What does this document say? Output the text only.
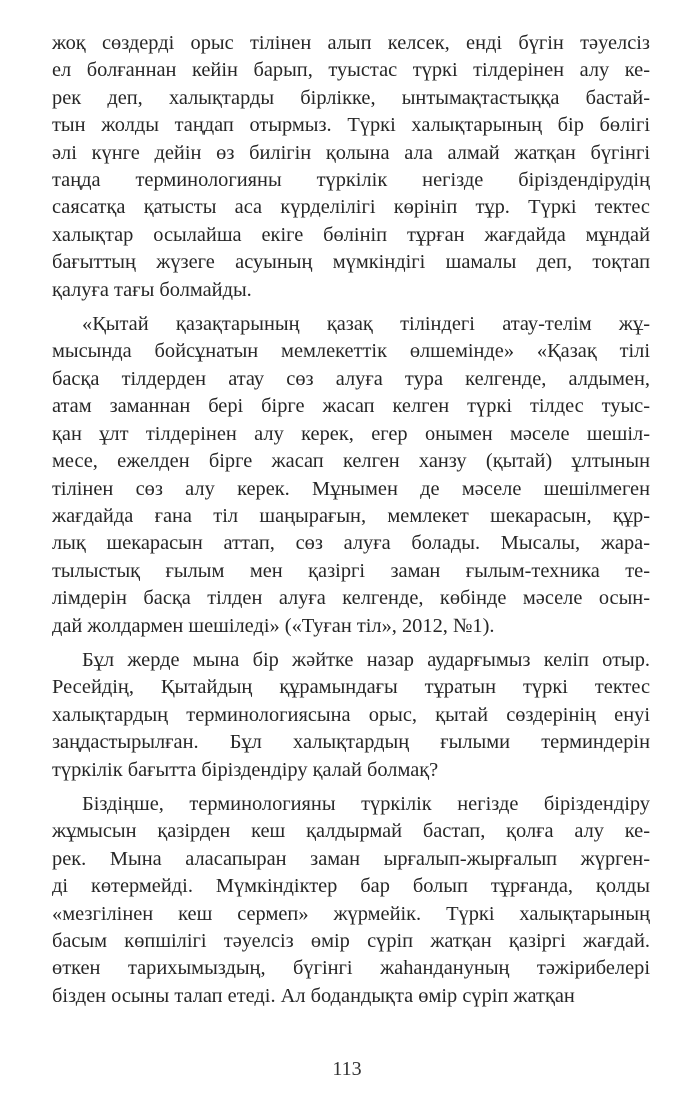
жоқ сөздерді орыс тілінен алып келсек, енді бүгін тәуелсіз
ел болғаннан кейін барып, туыстас түркі тілдерінен алу ке-
рек деп, халықтарды бірлікке, ынтымақтастыққа бастай-
тын жолды таңдап отырмыз. Түркі халықтарының бір бөлігі
әлі күнге дейін өз билігін қолына ала алмай жатқан бүгінгі
таңда терминологияны түркілік негізде біріздендірудің
саясатқа қатысты аса күрделілігі көрініп тұр. Түркі тектес
халықтар осылайша екіге бөлініп тұрған жағдайда мұндай
бағыттың жүзеге асуының мүмкіндігі шамалы деп, тоқтап
қалуға тағы болмайды.

«Қытай қазақтарының қазақ тіліндегі атау-телім жұ-
мысында бойсұнатын мемлекеттік өлшемінде» «Қазақ тілі
басқа тілдерден атау сөз алуға тура келгенде, алдымен,
атам заманнан бері бірге жасап келген түркі тілдес туыс-
қан ұлт тілдерінен алу керек, егер онымен мәселе шешіл-
месе, ежелден бірге жасап келген ханзу (қытай) ұлтынын
тілінен сөз алу керек. Мұнымен де мәселе шешілмеген
жағдайда ғана тіл шаңырағын, мемлекет шекарасын, құр-
лық шекарасын аттап, сөз алуға болады. Мысалы, жара-
тылыстық ғылым мен қазіргі заман ғылым-техника те-
лімдерін басқа тілден алуға келгенде, көбінде мәселе осын-
дай жолдармен шешіледі» («Туған тіл», 2012, №1).

Бұл жерде мына бір жәйтке назар аударғымыз келіп отыр.
Ресейдің, Қытайдың құрамындағы тұратын түркі тектес
халықтардың терминологиясына орыс, қытай сөздерінің енуі
заңдастырылған. Бұл халықтардың ғылыми терминдерін
түркілік бағытта біріздендіру қалай болмақ?

Біздіңше, терминологияны түркілік негізде біріздендіру
жұмысын қазірден кеш қалдырмай бастап, қолға алу ке-
рек. Мына аласапыран заман ырғалып-жырғалып жүрген-
ді көтермейді. Мүмкіндіктер бар болып тұрғанда, қолды
«мезгілінен кеш сермеп» жүрмейік. Түркі халықтарының
басым көпшілігі тәуелсіз өмір сүріп жатқан қазіргі жағдай.
өткен тарихымыздың, бүгінгі жаһандануның тәжірибелері
бізден осыны талап етеді. Ал бодандықта өмір сүріп жатқан

113
